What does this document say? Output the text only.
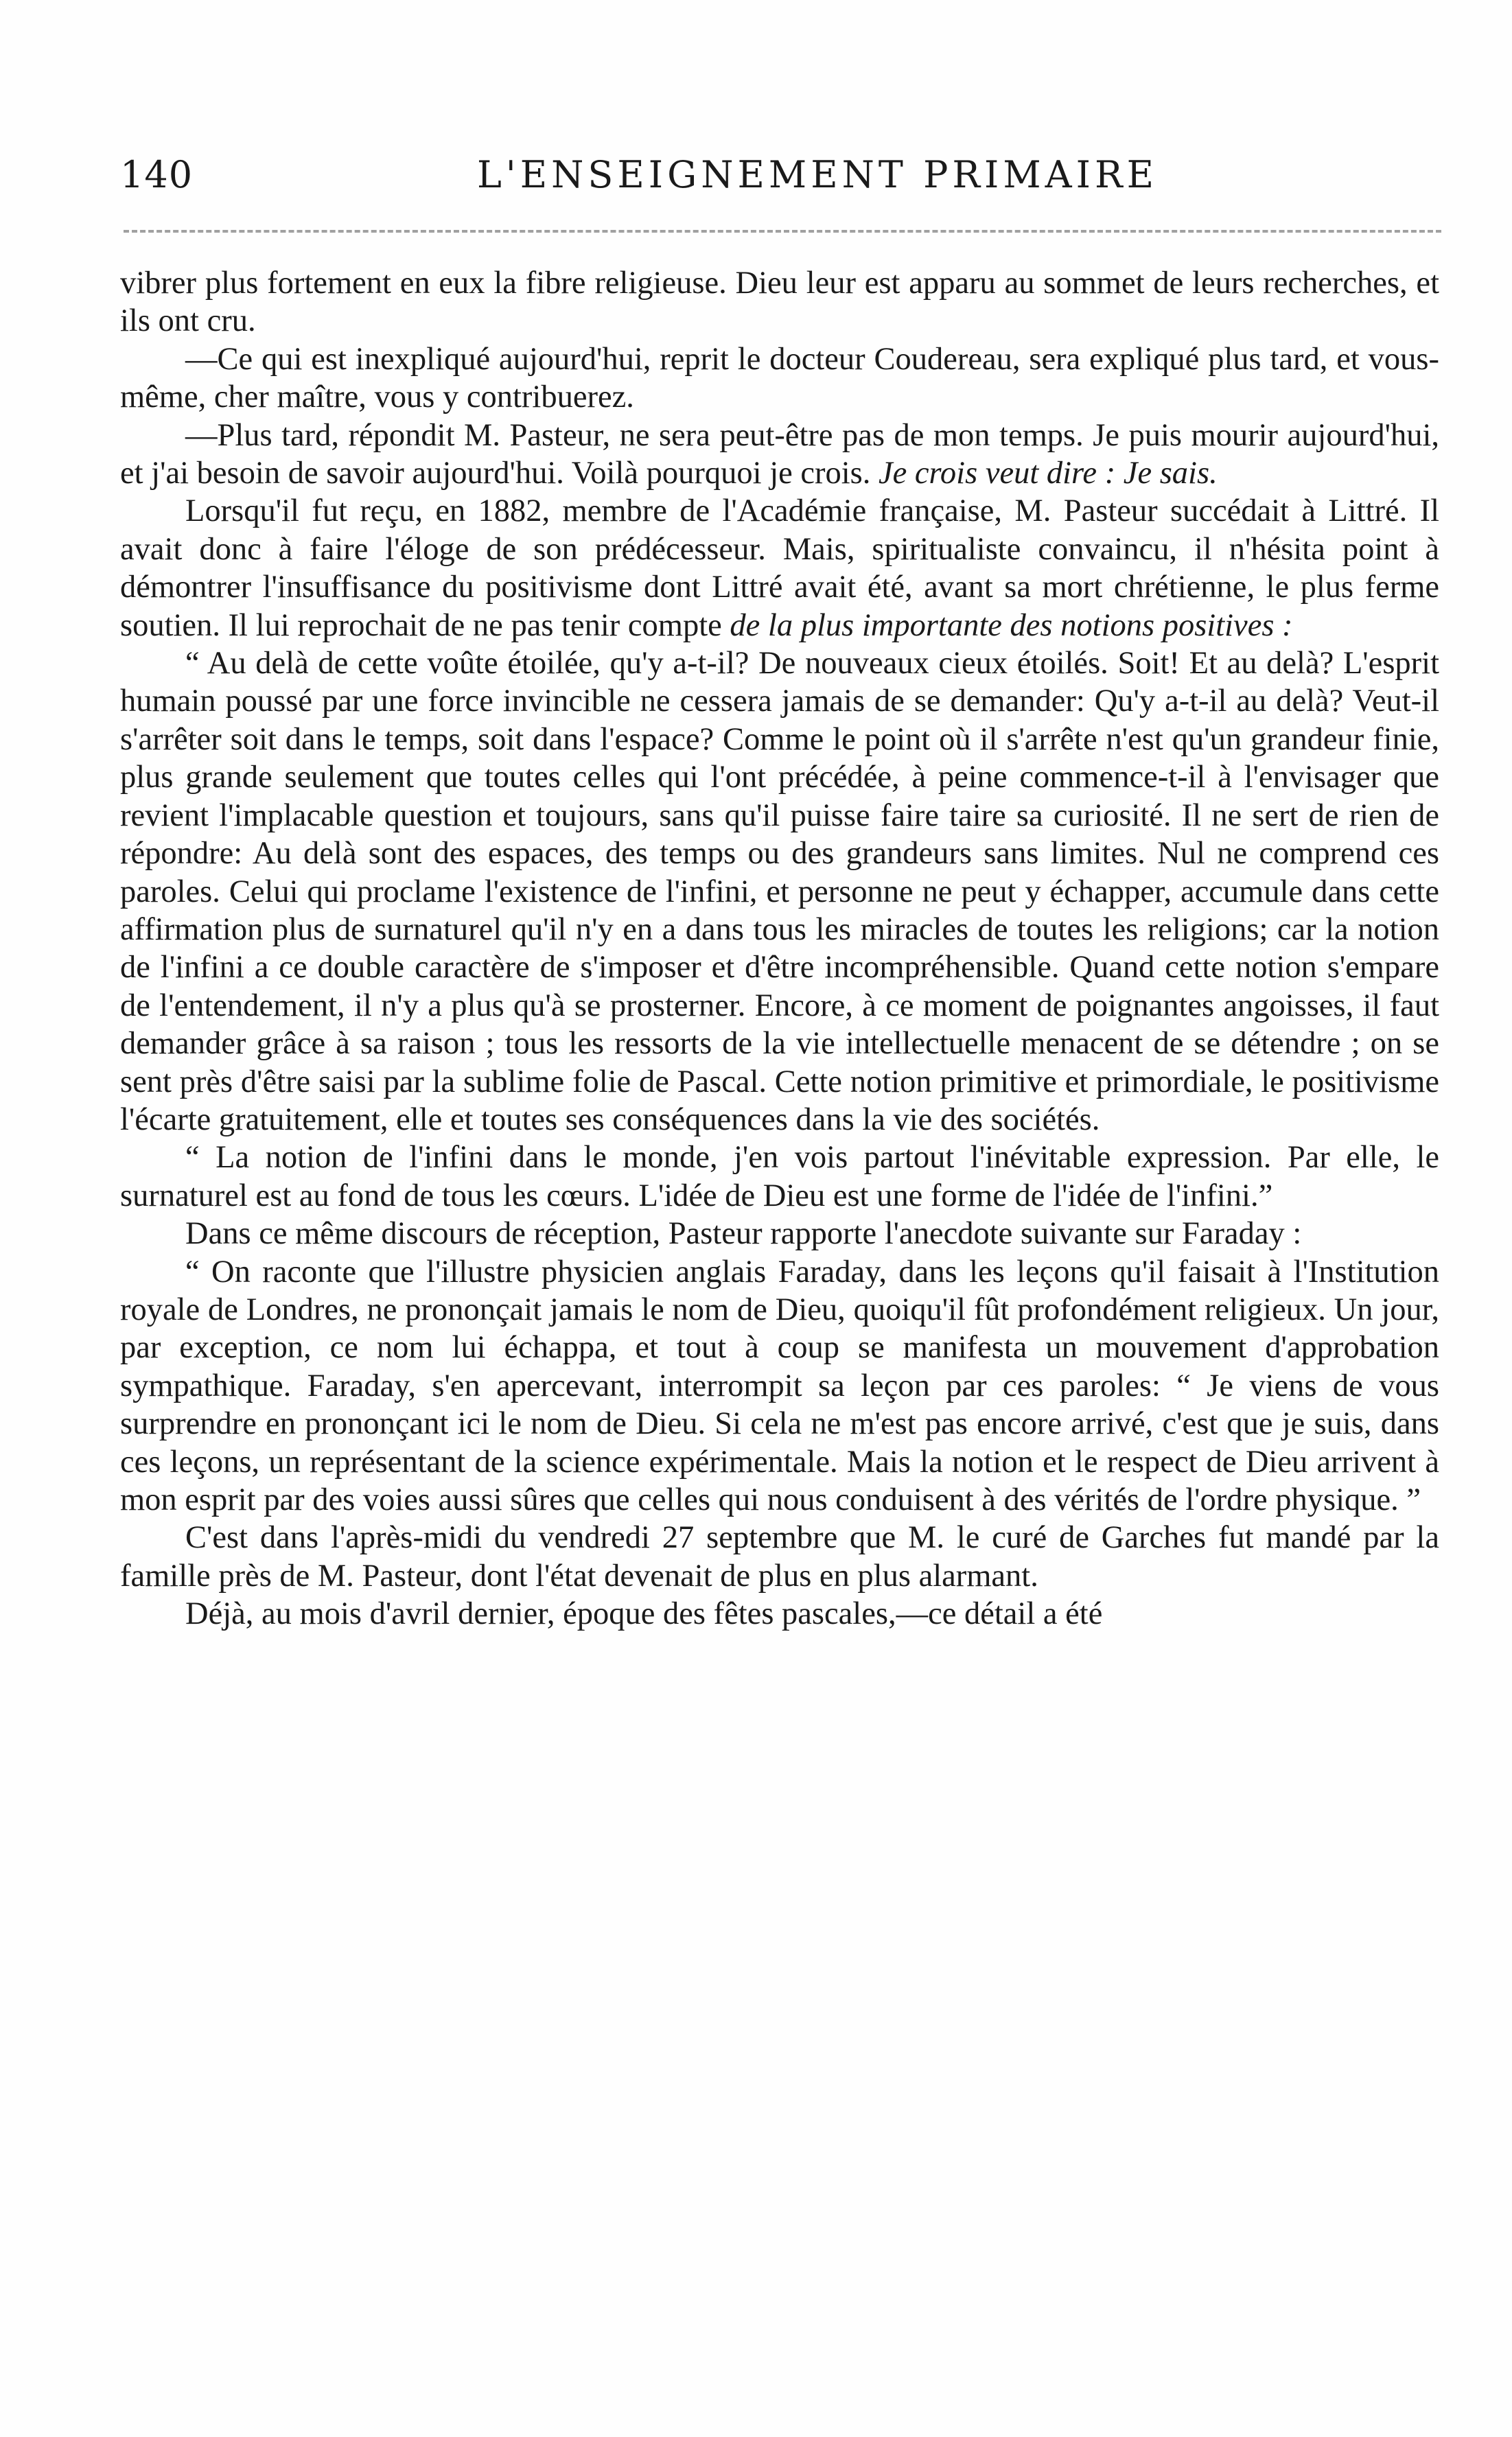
140	L'ENSEIGNEMENT PRIMAIRE

vibrer plus fortement en eux la fibre religieuse. Dieu leur est apparu au sommet de leurs recherches, et ils ont cru.

—Ce qui est inexpliqué aujourd'hui, reprit le docteur Coudereau, sera expliqué plus tard, et vous-même, cher maître, vous y contribuerez.

—Plus tard, répondit M. Pasteur, ne sera peut-être pas de mon temps. Je puis mourir aujourd'hui, et j'ai besoin de savoir aujourd'hui. Voilà pourquoi je crois. Je crois veut dire : Je sais.

Lorsqu'il fut reçu, en 1882, membre de l'Académie française, M. Pasteur succédait à Littré. Il avait donc à faire l'éloge de son prédécesseur. Mais, spiritualiste convaincu, il n'hésita point à démontrer l'insuffisance du positivisme dont Littré avait été, avant sa mort chrétienne, le plus ferme soutien. Il lui reprochait de ne pas tenir compte de la plus importante des notions positives :

“ Au delà de cette voûte étoilée, qu'y a-t-il? De nouveaux cieux étoilés. Soit! Et au delà? L'esprit humain poussé par une force invincible ne cessera jamais de se demander: Qu'y a-t-il au delà? Veut-il s'arrêter soit dans le temps, soit dans l'espace? Comme le point où il s'arrête n'est qu'un grandeur finie, plus grande seulement que toutes celles qui l'ont précédée, à peine commence-t-il à l'envisager que revient l'implacable question et toujours, sans qu'il puisse faire taire sa curiosité. Il ne sert de rien de répondre: Au delà sont des espaces, des temps ou des grandeurs sans limites. Nul ne comprend ces paroles. Celui qui proclame l'existence de l'infini, et personne ne peut y échapper, accumule dans cette affirmation plus de surnaturel qu'il n'y en a dans tous les miracles de toutes les religions; car la notion de l'infini a ce double caractère de s'imposer et d'être incompréhensible. Quand cette notion s'empare de l'entendement, il n'y a plus qu'à se prosterner. Encore, à ce moment de poignantes angoisses, il faut demander grâce à sa raison ; tous les ressorts de la vie intellectuelle menacent de se détendre ; on se sent près d'être saisi par la sublime folie de Pascal. Cette notion primitive et primordiale, le positivisme l'écarte gratuitement, elle et toutes ses conséquences dans la vie des sociétés.

“ La notion de l'infini dans le monde, j'en vois partout l'inévitable expression. Par elle, le surnaturel est au fond de tous les cœurs. L'idée de Dieu est une forme de l'idée de l'infini.”

Dans ce même discours de réception, Pasteur rapporte l'anecdote suivante sur Faraday :

“ On raconte que l'illustre physicien anglais Faraday, dans les leçons qu'il faisait à l'Institution royale de Londres, ne prononçait jamais le nom de Dieu, quoiqu'il fût profondément religieux. Un jour, par exception, ce nom lui échappa, et tout à coup se manifesta un mouvement d'approbation sympathique. Faraday, s'en apercevant, interrompit sa leçon par ces paroles: “ Je viens de vous surprendre en prononçant ici le nom de Dieu. Si cela ne m'est pas encore arrivé, c'est que je suis, dans ces leçons, un représentant de la science expérimentale. Mais la notion et le respect de Dieu arrivent à mon esprit par des voies aussi sûres que celles qui nous conduisent à des vérités de l'ordre physique. ”

C'est dans l'après-midi du vendredi 27 septembre que M. le curé de Garches fut mandé par la famille près de M. Pasteur, dont l'état devenait de plus en plus alarmant.

Déjà, au mois d'avril dernier, époque des fêtes pascales,—ce détail a été
